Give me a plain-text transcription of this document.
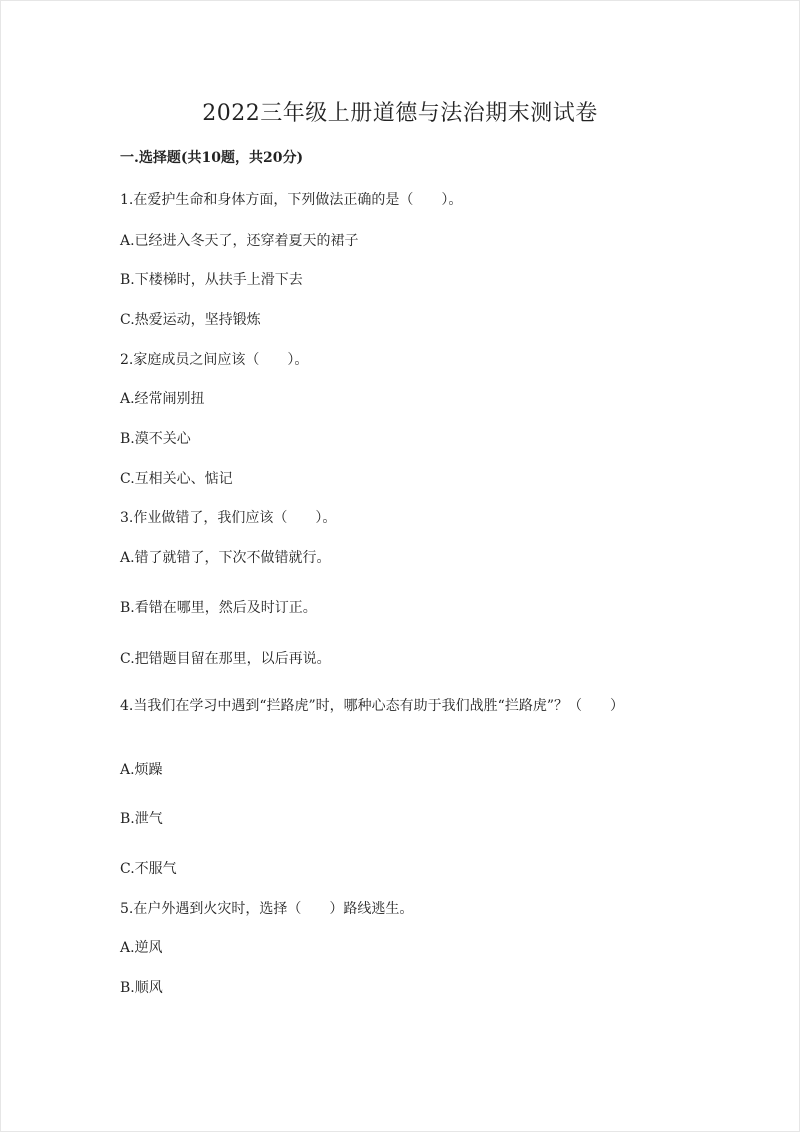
2022三年级上册道德与法治期末测试卷
一.选择题(共10题，共20分)
1.在爱护生命和身体方面，下列做法正确的是（　　）。
A.已经进入冬天了，还穿着夏天的裙子
B.下楼梯时，从扶手上滑下去
C.热爱运动，坚持锻炼
2.家庭成员之间应该（　　）。
A.经常闹别扭
B.漠不关心
C.互相关心、惦记
3.作业做错了，我们应该（　　）。
A.错了就错了，下次不做错就行。
B.看错在哪里，然后及时订正。
C.把错题目留在那里，以后再说。
4.当我们在学习中遇到“拦路虎”时，哪种心态有助于我们战胜“拦路虎”？（　　）
A.烦躁
B.泄气
C.不服气
5.在户外遇到火灾时，选择（　　）路线逃生。
A.逆风
B.顺风
